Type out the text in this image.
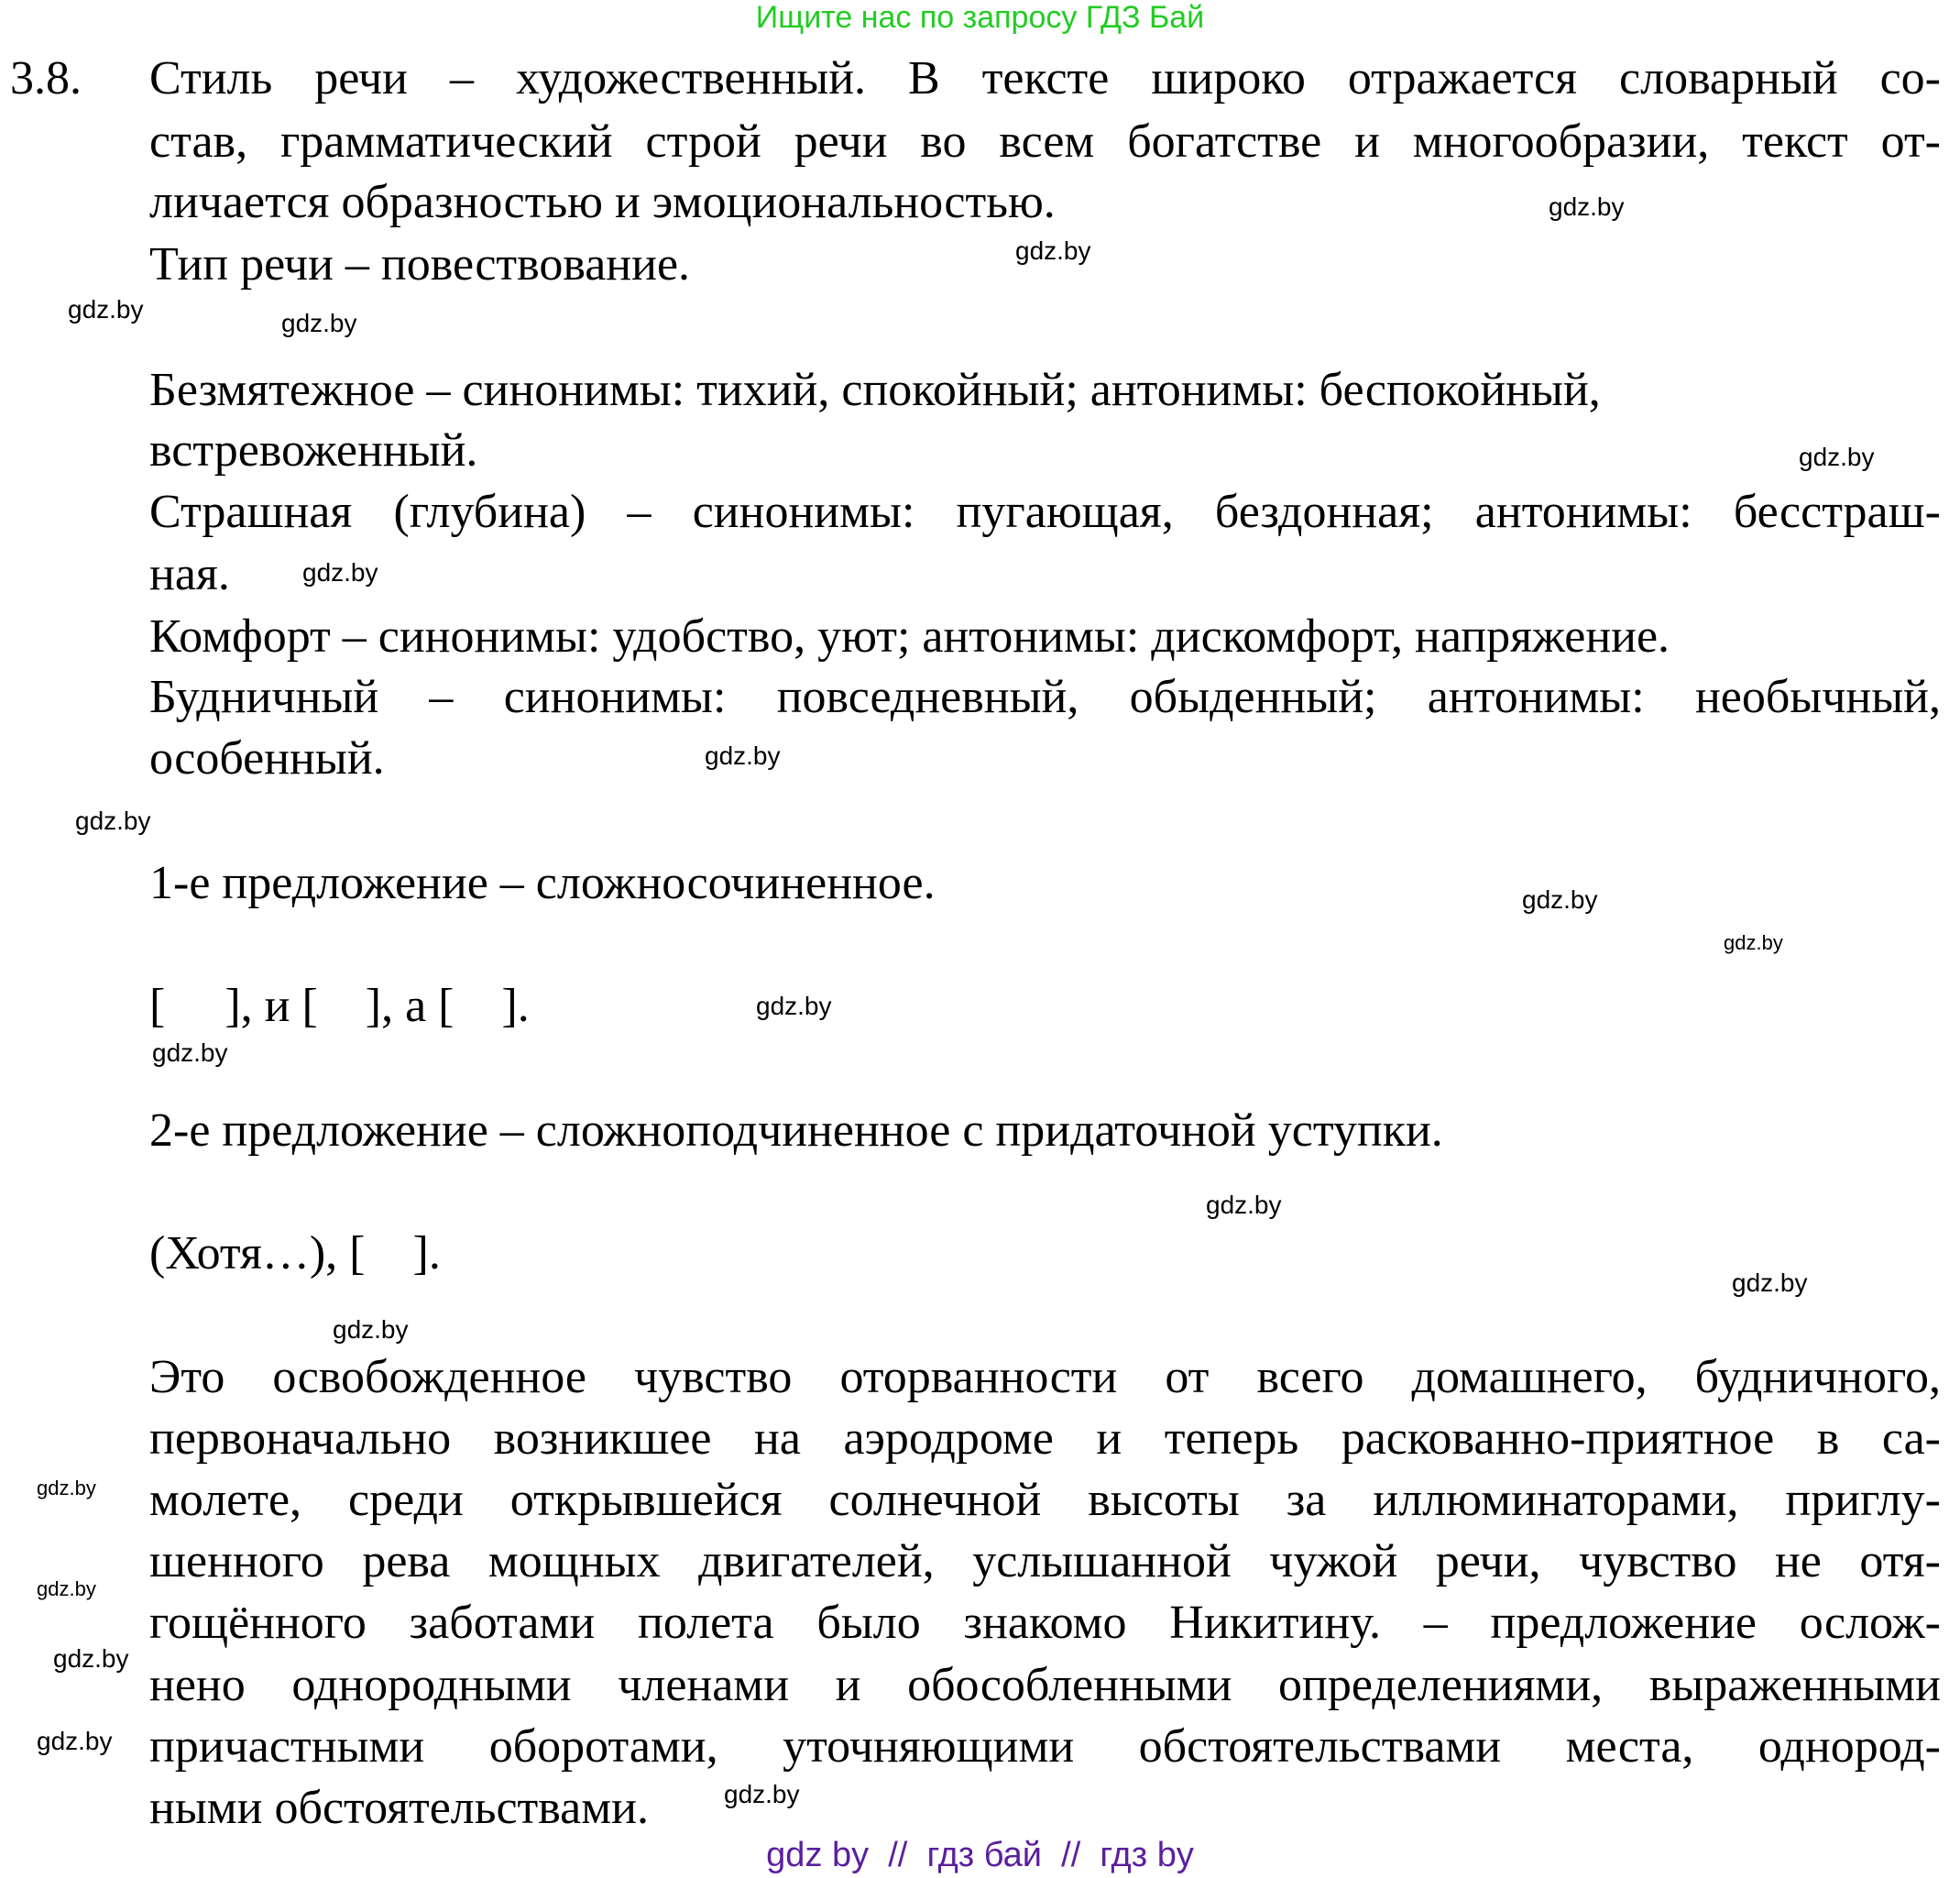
Ищите нас по запросу ГДЗ Бай
3.8. Стиль речи – художественный. В тексте широко отражается словарный со-
став, грамматический строй речи во всем богатстве и многообразии, текст от-
личается образностью и эмоциональностью.
Тип речи – повествование.
Безмятежное – синонимы: тихий, спокойный; антонимы: беспокойный,
встревоженный.
Страшная (глубина) – синонимы: пугающая, бездонная; антонимы: бесстраш-
ная.
Комфорт – синонимы: удобство, уют; антонимы: дискомфорт, напряжение.
Будничный – синонимы: повседневный, обыденный; антонимы: необычный,
особенный.
1-е предложение – сложносочиненное.
[     ], и [    ], а [    ].
2-е предложение – сложноподчиненное с придаточной уступки.
(Хотя…), [    ].
Это освобожденное чувство оторванности от всего домашнего, будничного,
первоначально возникшее на аэродроме и теперь раскованно-приятное в са-
молете, среди открывшейся солнечной высоты за иллюминаторами, приглу-
шенного рева мощных двигателей, услышанной чужой речи, чувство не отя-
гощённого заботами полета было знакомо Никитину. – предложение ослож-
нено однородными членами и обособленными определениями, выраженными
причастными оборотами, уточняющими обстоятельствами места, однород-
ными обстоятельствами.
gdz.by
gdz.by
gdz.by	gdz.by
gdz.by
gdz.by
gdz.by
gdz.by
gdz.by
gdz.by
gdz.by
gdz.by
gdz.by
gdz.by
gdz.by
gdz.by
gdz.by
gdz.by
gdz.by
gdz.by
gdz by  //  гдз бай  //  гдз by
